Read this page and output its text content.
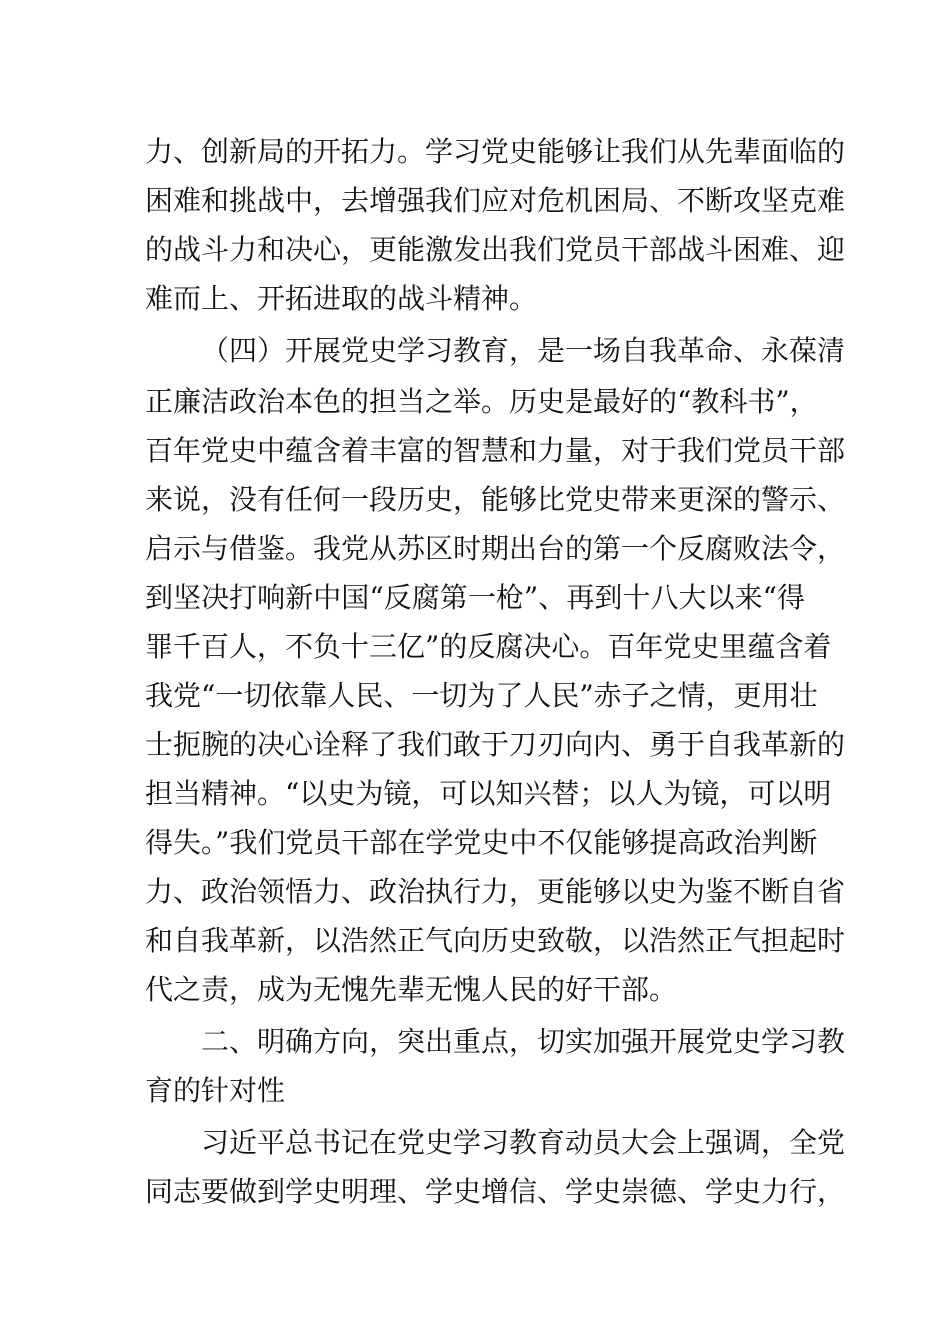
力、创新局的开拓力。学习党史能够让我们从先辈面临的
困难和挑战中，去增强我们应对危机困局、不断攻坚克难
的战斗力和决心，更能激发出我们党员干部战斗困难、迎
难而上、开拓进取的战斗精神。
（四）开展党史学习教育，是一场自我革命、永葆清
正廉洁政治本色的担当之举。历史是最好的“教科书”，
百年党史中蕴含着丰富的智慧和力量，对于我们党员干部
来说，没有任何一段历史，能够比党史带来更深的警示、
启示与借鉴。我党从苏区时期出台的第一个反腐败法令，
到坚决打响新中国“反腐第一枪”、再到十八大以来“得
罪千百人，不负十三亿”的反腐决心。百年党史里蕴含着
我党“一切依靠人民、一切为了人民”赤子之情，更用壮
士扼腕的决心诠释了我们敢于刀刃向内、勇于自我革新的
担当精神。“以史为镜，可以知兴替；以人为镜，可以明
得失。”我们党员干部在学党史中不仅能够提高政治判断
力、政治领悟力、政治执行力，更能够以史为鉴不断自省
和自我革新，以浩然正气向历史致敬，以浩然正气担起时
代之责，成为无愧先辈无愧人民的好干部。
二、明确方向，突出重点，切实加强开展党史学习教
育的针对性
习近平总书记在党史学习教育动员大会上强调，全党
同志要做到学史明理、学史增信、学史崇德、学史力行，
